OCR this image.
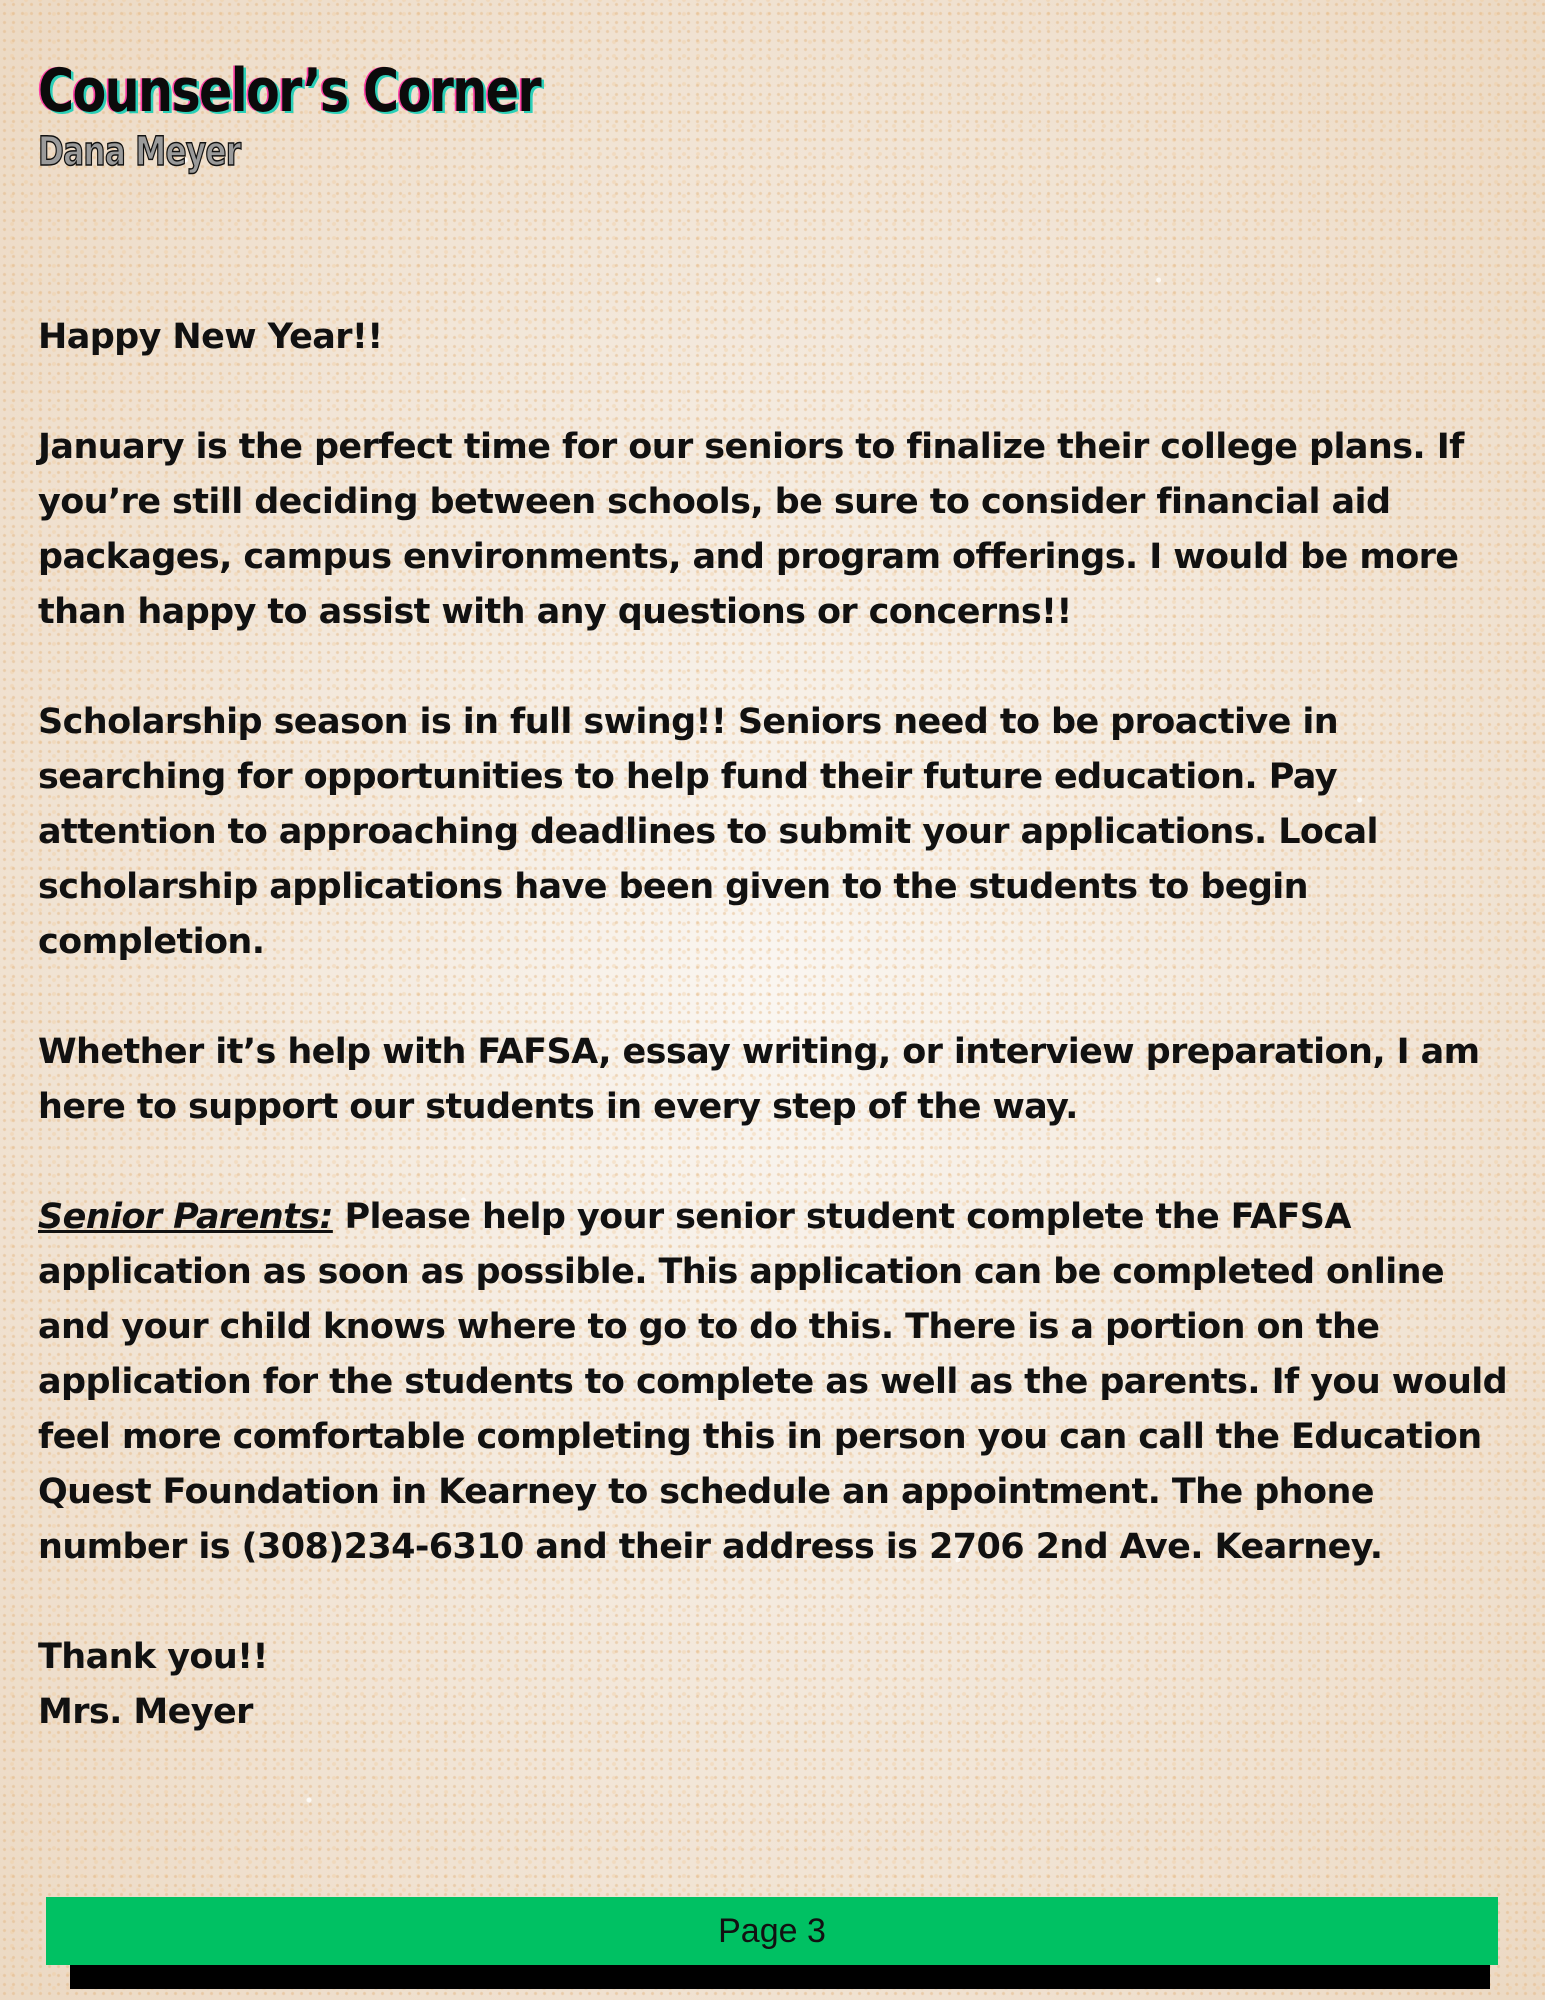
Counselor’s Corner
Dana Meyer

Happy New Year!!

January is the perfect time for our seniors to finalize their college plans. If you’re still deciding between schools, be sure to consider financial aid packages, campus environments, and program offerings. I would be more than happy to assist with any questions or concerns!!

Scholarship season is in full swing!! Seniors need to be proactive in searching for opportunities to help fund their future education. Pay attention to approaching deadlines to submit your applications. Local scholarship applications have been given to the students to begin completion.

Whether it’s help with FAFSA, essay writing, or interview preparation, I am here to support our students in every step of the way.

Senior Parents: Please help your senior student complete the FAFSA application as soon as possible. This application can be completed online and your child knows where to go to do this. There is a portion on the application for the students to complete as well as the parents. If you would feel more comfortable completing this in person you can call the Education Quest Foundation in Kearney to schedule an appointment. The phone number is (308)234-6310 and their address is 2706 2nd Ave. Kearney.

Thank you!!
Mrs. Meyer

Page 3
